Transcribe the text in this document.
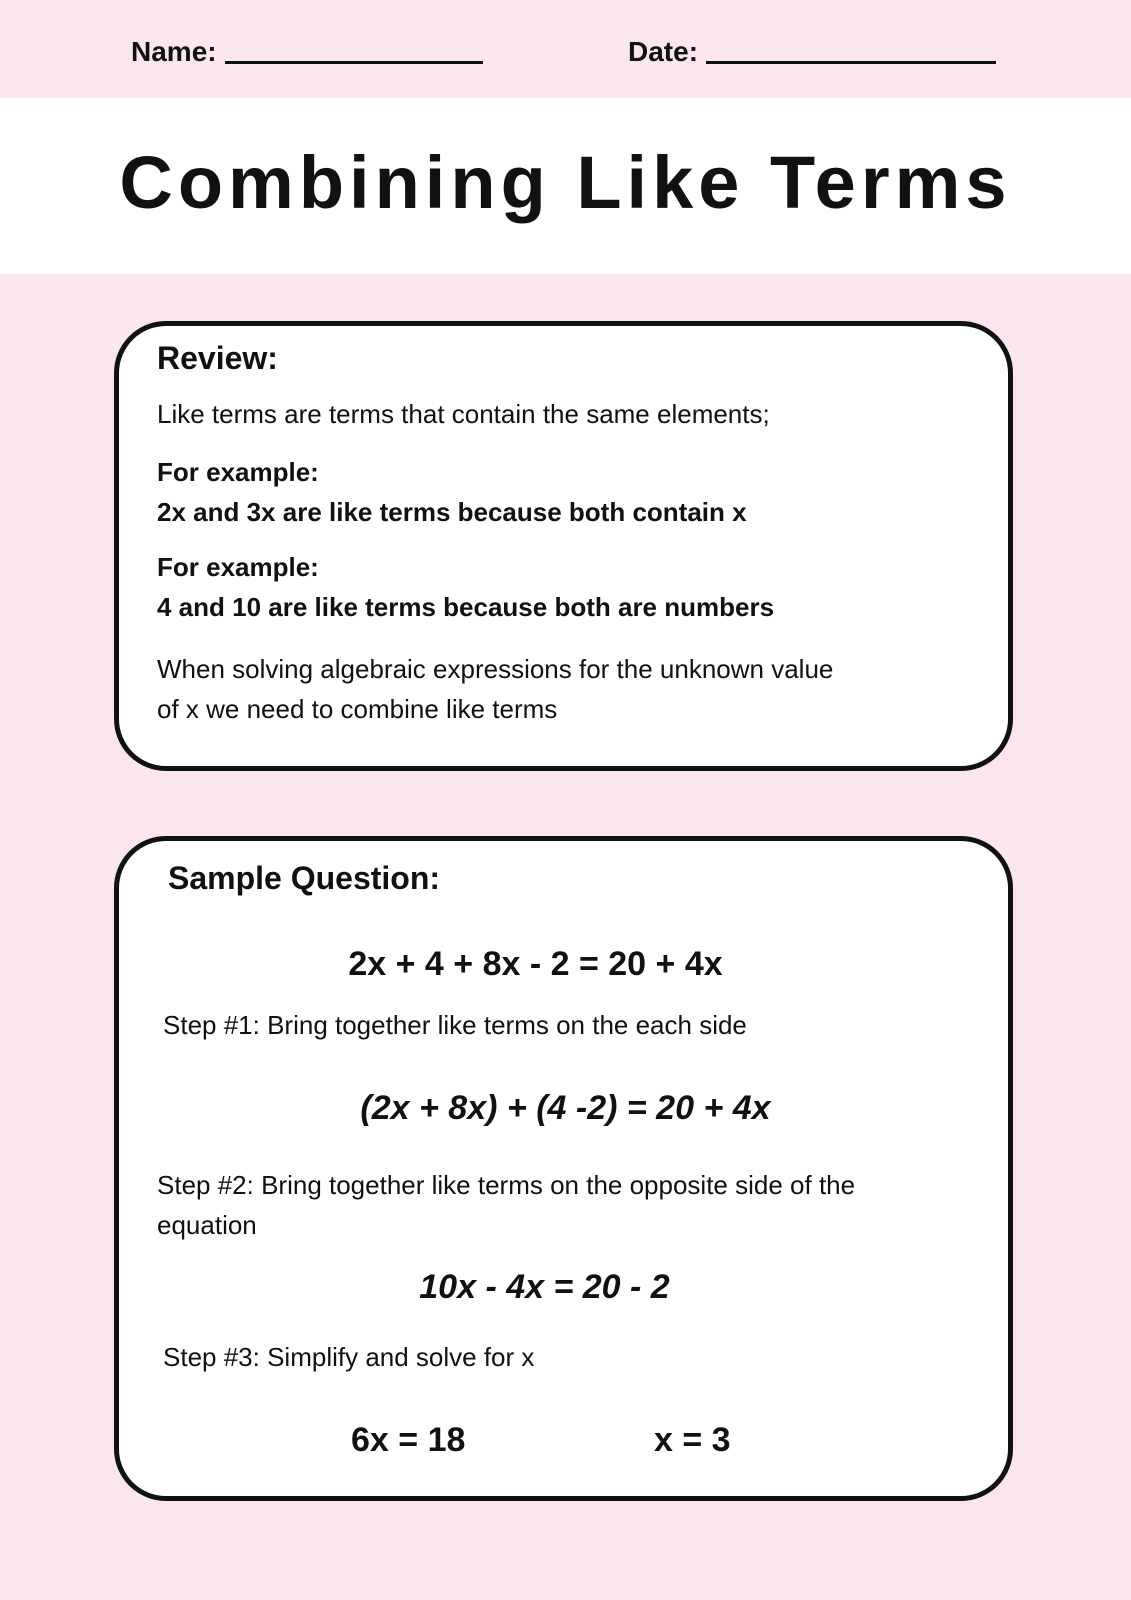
Name:	Date:
Combining Like Terms
Review:
Like terms are terms that contain the same elements;
For example:
2x and 3x are like terms because both contain x
For example:
4 and 10 are like terms because both are numbers
When solving algebraic expressions for the unknown value
of x we need to combine like terms
Sample Question:
2x + 4 + 8x - 2 = 20 + 4x
Step #1: Bring together like terms on the each side
(2x + 8x) + (4 -2) = 20 + 4x
Step #2: Bring together like terms on the opposite side of the
equation
10x - 4x = 20 - 2
Step #3: Simplify and solve for x
6x = 18	x = 3
